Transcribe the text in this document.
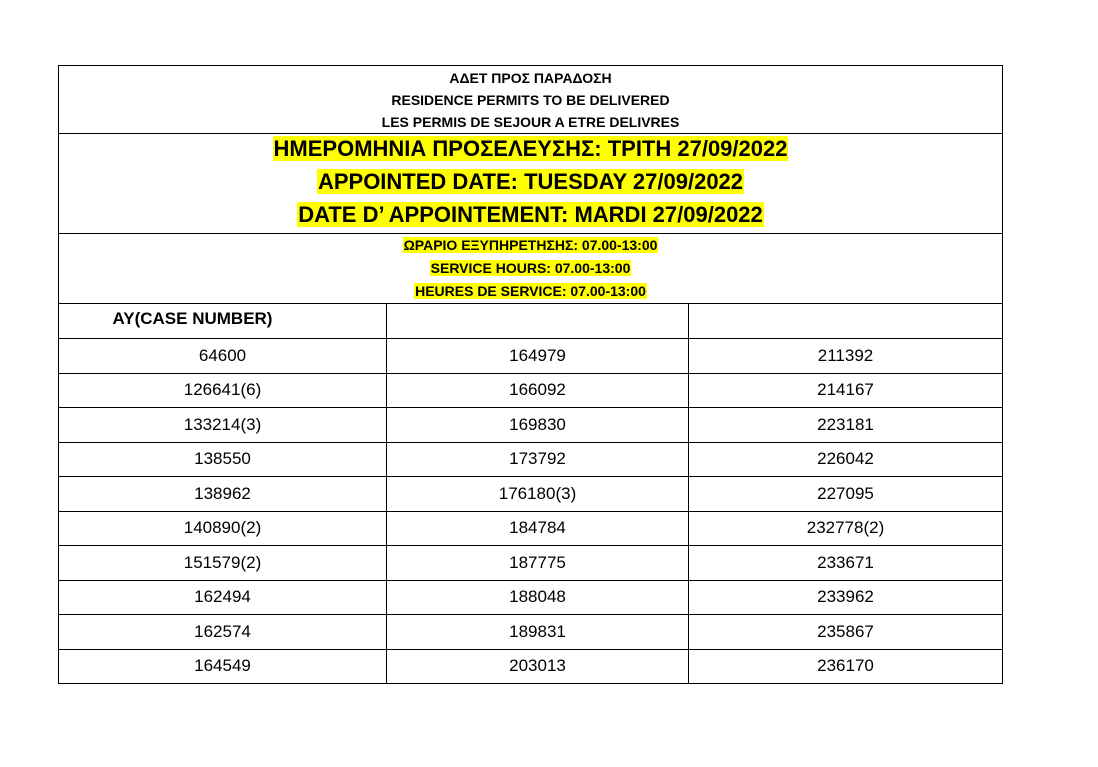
ΑΔΕΤ ΠΡΟΣ ΠΑΡΑΔΟΣΗ
RESIDENCE PERMITS TO BE DELIVERED
LES PERMIS DE SEJOUR A ETRE DELIVRES		

ΗΜΕΡΟΜΗΝΙΑ ΠΡΟΣΕΛΕΥΣΗΣ: ΤΡΙΤΗ 27/09/2022
APPOINTED DATE: TUESDAY 27/09/2022
DATE D’ APPOINTEMENT: MARDI 27/09/2022		

ΩΡΑΡΙΟ ΕΞΥΠΗΡΕΤΗΣΗΣ: 07.00-13:00
SERVICE HOURS: 07.00-13:00
HEURES DE SERVICE: 07.00-13:00		

ΑΥ(CASE NUMBER)		
64600	164979	211392
126641(6)	166092	214167
133214(3)	169830	223181
138550	173792	226042
138962	176180(3)	227095
140890(2)	184784	232778(2)
151579(2)	187775	233671
162494	188048	233962
162574	189831	235867
164549	203013	236170
